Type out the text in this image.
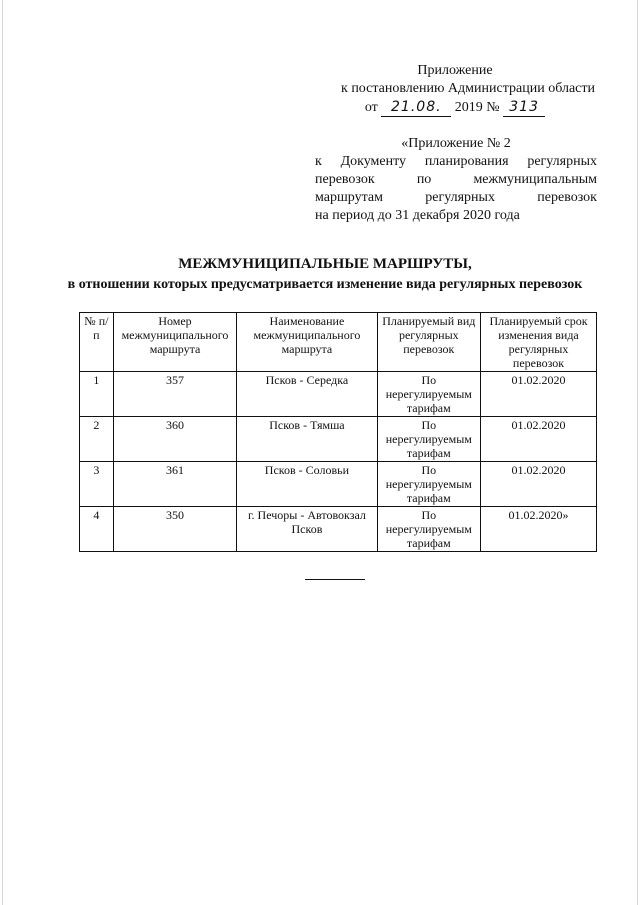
Приложение
к постановлению Администрации области
от 21.08. 2019 № 313
«Приложение № 2
к Документу планирования регулярных
перевозок	по	межмуниципальным
маршрутам	регулярных	перевозок
на период до 31 декабря 2020 года
МЕЖМУНИЦИПАЛЬНЫЕ МАРШРУТЫ,
в отношении которых предусматривается изменение вида регулярных перевозок
№ п/п	Номер межмуниципального маршрута	Наименование межмуниципального маршрута	Планируемый вид регулярных перевозок	Планируемый срок изменения вида регулярных перевозок
1	357	Псков - Середка	По нерегулируемым тарифам	01.02.2020
2	360	Псков - Тямша	По нерегулируемым тарифам	01.02.2020
3	361	Псков - Соловьи	По нерегулируемым тарифам	01.02.2020
4	350	г. Печоры - Автовокзал Псков	По нерегулируемым тарифам	01.02.2020»
